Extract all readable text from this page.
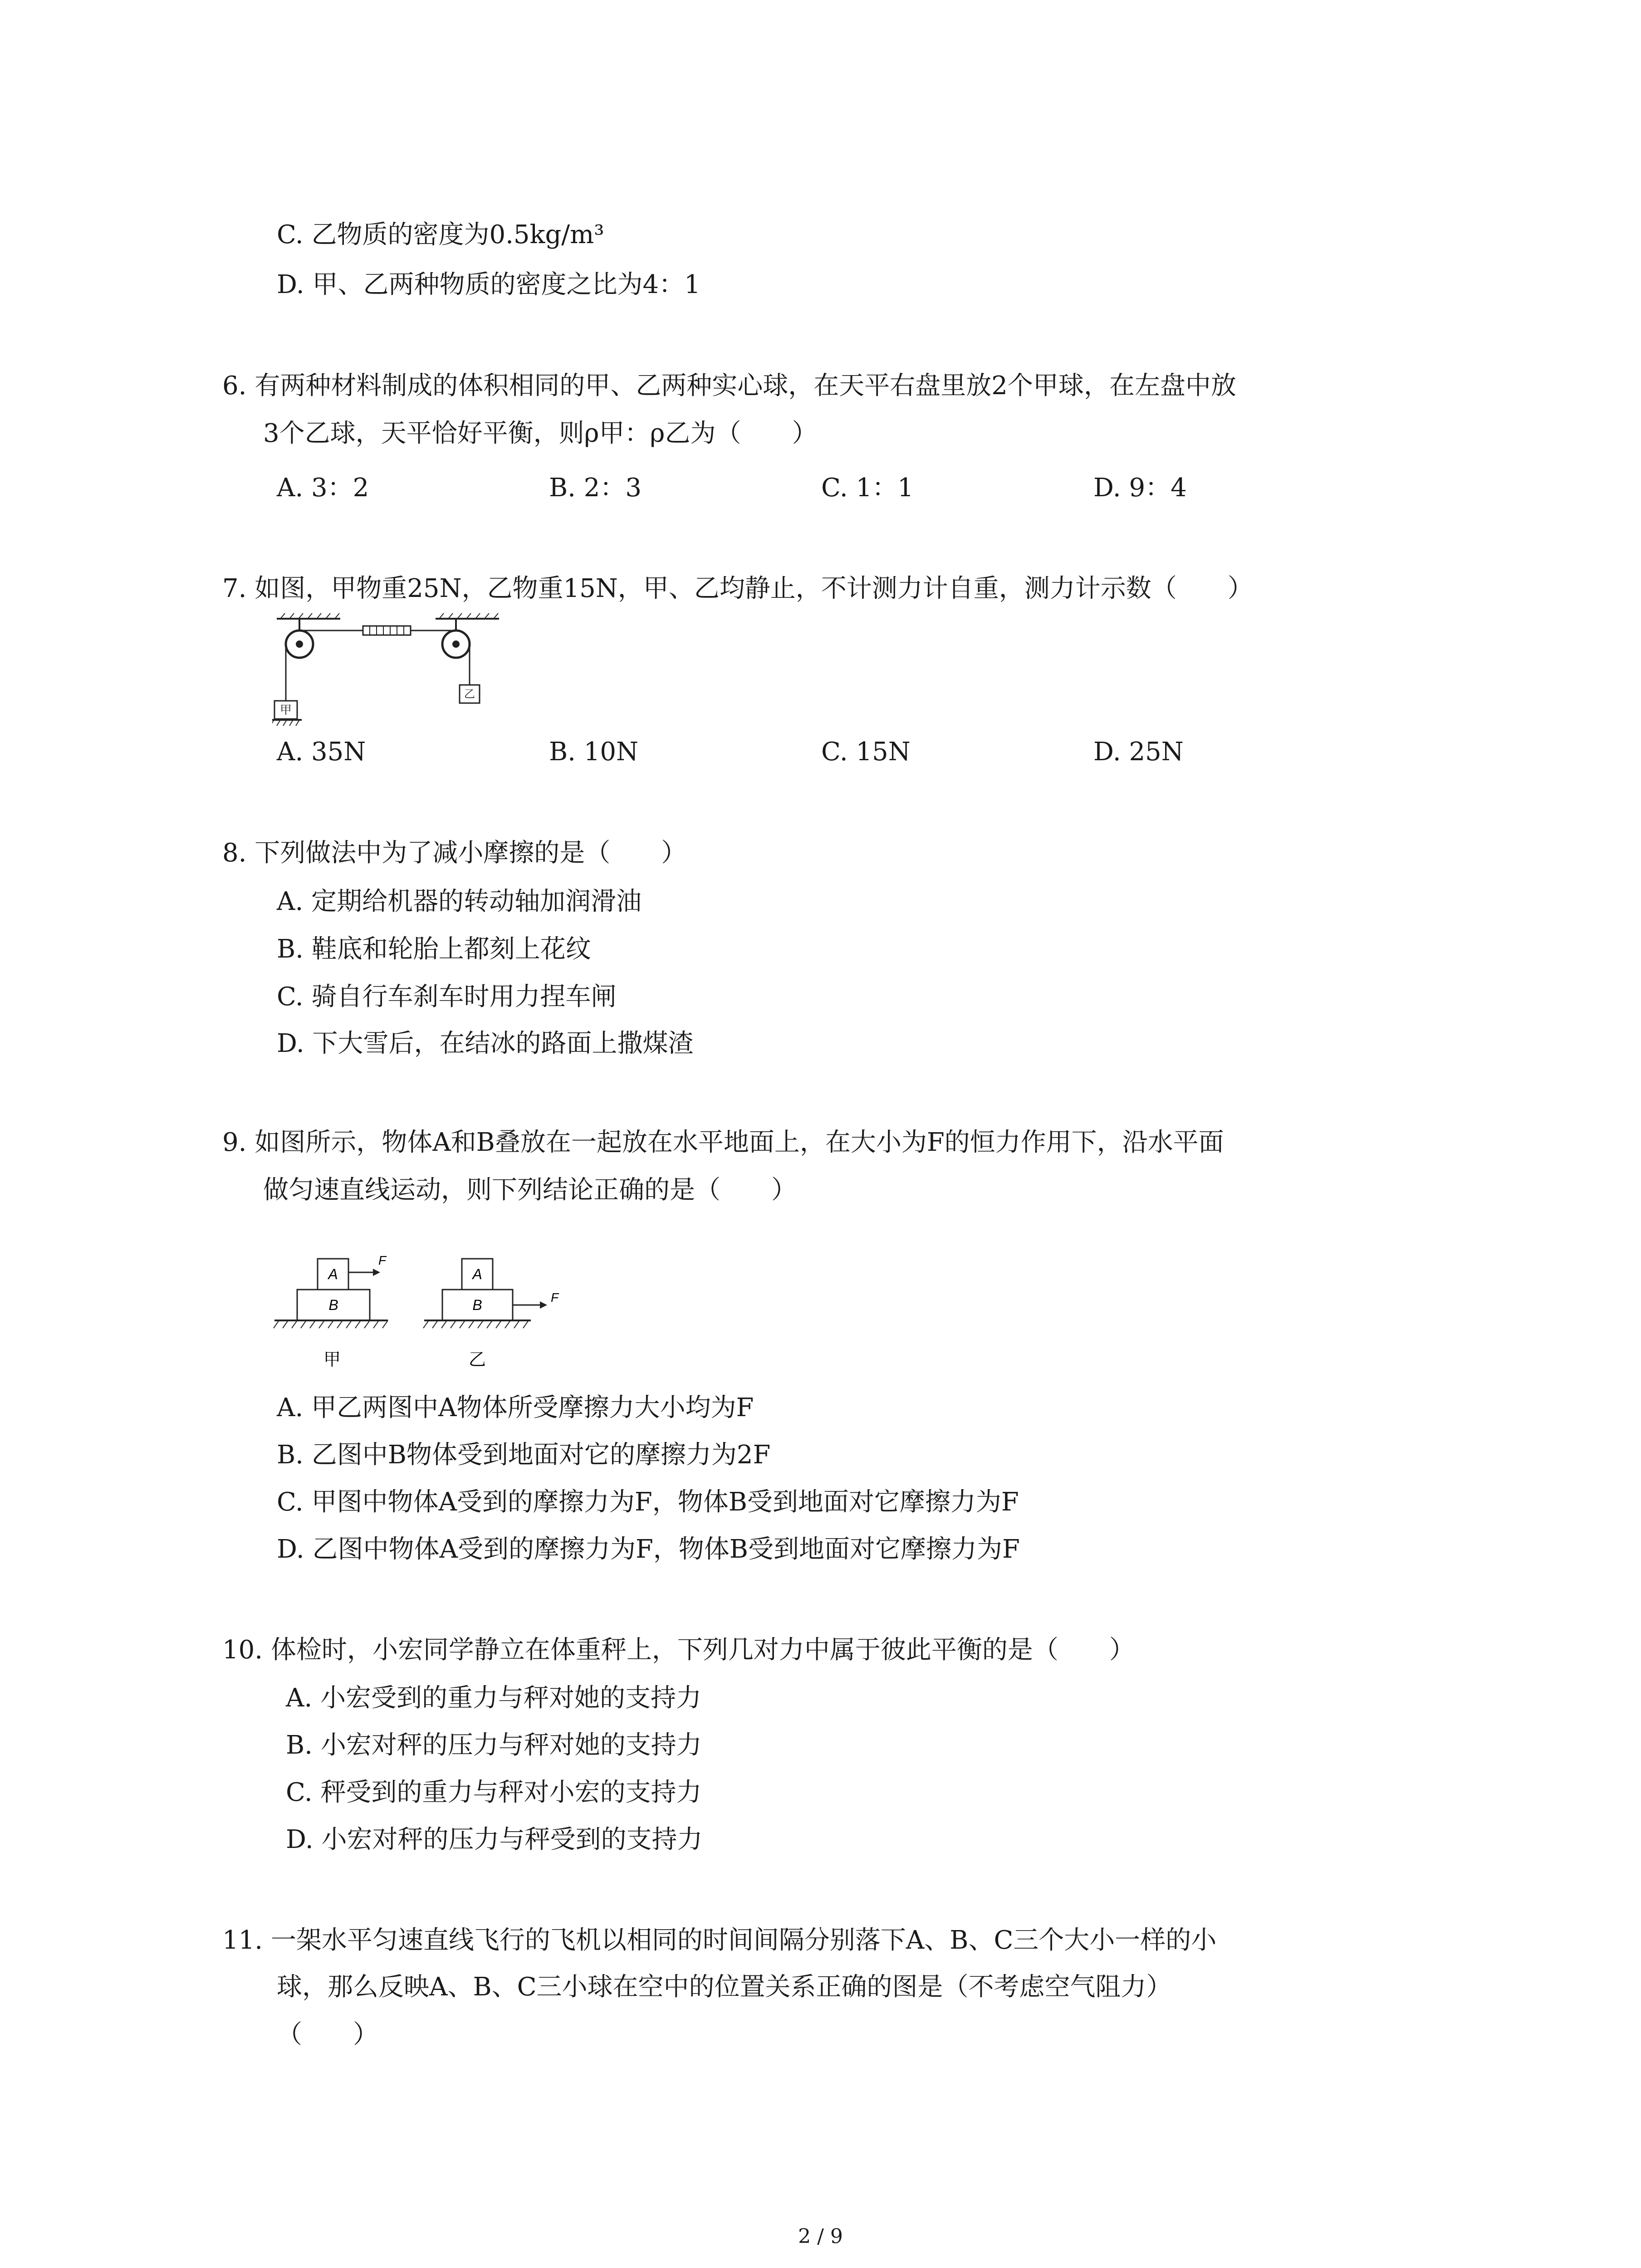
C. 乙物质的密度为0.5kg/m³
D. 甲、乙两种物质的密度之比为4：1
6. 有两种材料制成的体积相同的甲、乙两种实心球，在天平右盘里放2个甲球，在左盘中放
3个乙球，天平恰好平衡，则ρ甲：ρ乙为（　　）
A. 3：2	B. 2：3	C. 1：1	D. 9：4
7. 如图，甲物重25N，乙物重15N，甲、乙均静止，不计测力计自重，测力计示数（　　）
甲
乙
A. 35N	B. 10N	C. 15N	D. 25N
8. 下列做法中为了减小摩擦的是（　　）
A. 定期给机器的转动轴加润滑油
B. 鞋底和轮胎上都刻上花纹
C. 骑自行车刹车时用力捏车闸
D. 下大雪后，在结冰的路面上撒煤渣
9. 如图所示，物体A和B叠放在一起放在水平地面上，在大小为F的恒力作用下，沿水平面
做匀速直线运动，则下列结论正确的是（　　）
A
B
F
甲
A
B	F
乙
A. 甲乙两图中A物体所受摩擦力大小均为F
B. 乙图中B物体受到地面对它的摩擦力为2F
C. 甲图中物体A受到的摩擦力为F，物体B受到地面对它摩擦力为F
D. 乙图中物体A受到的摩擦力为F，物体B受到地面对它摩擦力为F
10. 体检时，小宏同学静立在体重秤上，下列几对力中属于彼此平衡的是（　　）
A. 小宏受到的重力与秤对她的支持力
B. 小宏对秤的压力与秤对她的支持力
C. 秤受到的重力与秤对小宏的支持力
D. 小宏对秤的压力与秤受到的支持力
11. 一架水平匀速直线飞行的飞机以相同的时间间隔分别落下A、B、C三个大小一样的小
球，那么反映A、B、C三小球在空中的位置关系正确的图是（不考虑空气阻力）
（　　）
2 / 9
